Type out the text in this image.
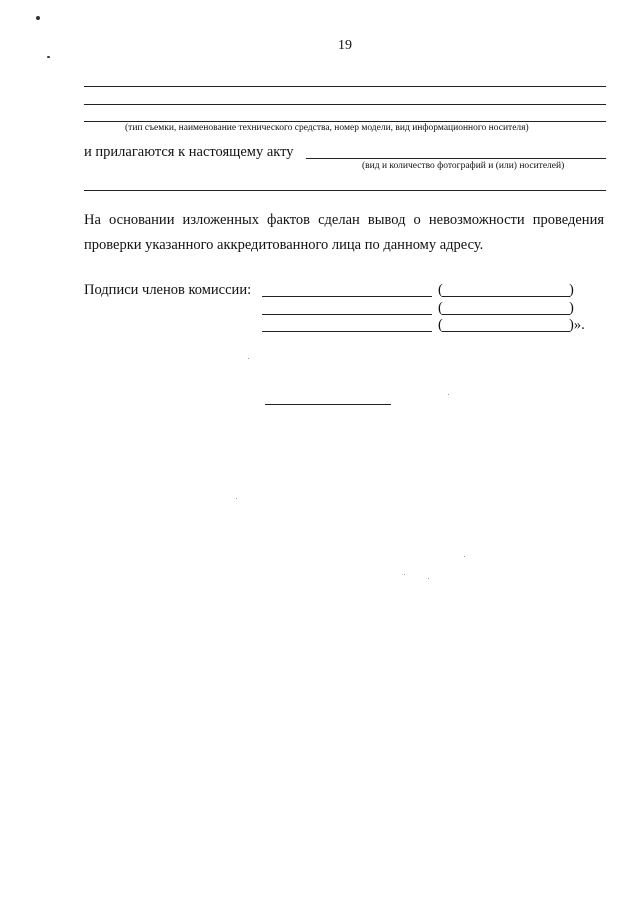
19
(тип съемки, наименование технического средства, номер модели, вид информационного носителя)
и прилагаются к настоящему акту
(вид и количество фотографий и (или) носителей)
На основании изложенных фактов сделан вывод о невозможности проведения
проверки указанного аккредитованного лица по данному адресу.
Подписи членов комиссии:	(	)
(	)
(	)».
